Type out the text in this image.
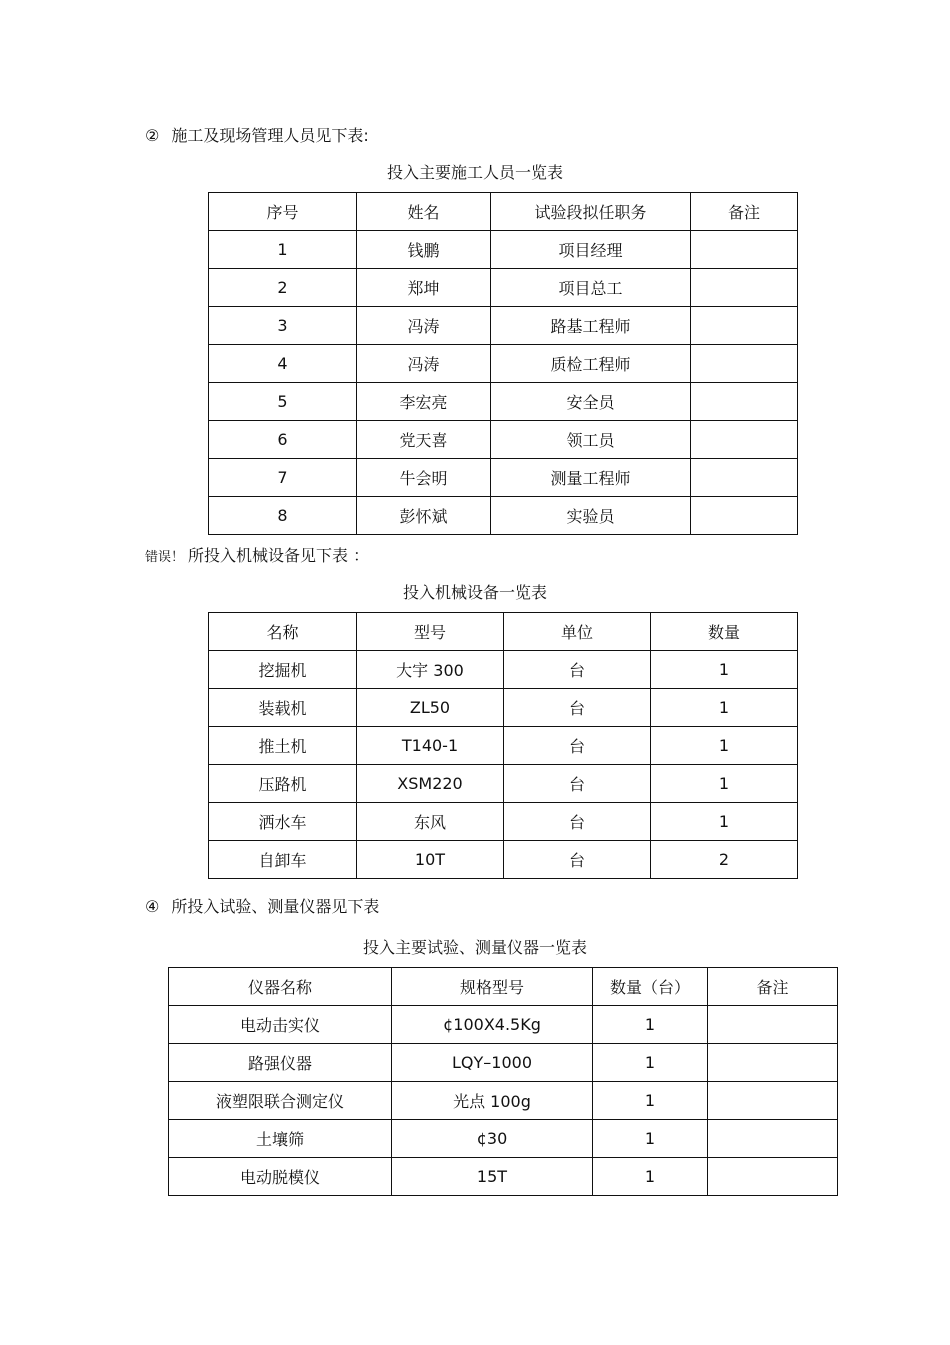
② 施工及现场管理人员见下表:
投入主要施工人员一览表
序号	姓名	试验段拟任职务	备注
1	钱鹏	项目经理	
2	郑坤	项目总工	
3	冯涛	路基工程师	
4	冯涛	质检工程师	
5	李宏亮	安全员	
6	党天喜	领工员	
7	牛会明	测量工程师	
8	彭怀斌	实验员	
错误！ 所投入机械设备见下表 ：
投入机械设备一览表
名称	型号	单位	数量
挖掘机	大宇 300	台	1
装载机	ZL50	台	1
推土机	T140-1	台	1
压路机	XSM220	台	1
洒水车	东风	台	1
自卸车	10T	台	2
④ 所投入试验、测量仪器见下表
投入主要试验、测量仪器一览表
仪器名称	规格型号	数量（台）	备注
电动击实仪	¢100X4.5Kg	1	
路强仪器	LQY–1000	1	
液塑限联合测定仪	光点 100g	1	
土壤筛	¢30	1	
电动脱模仪	15T	1	
